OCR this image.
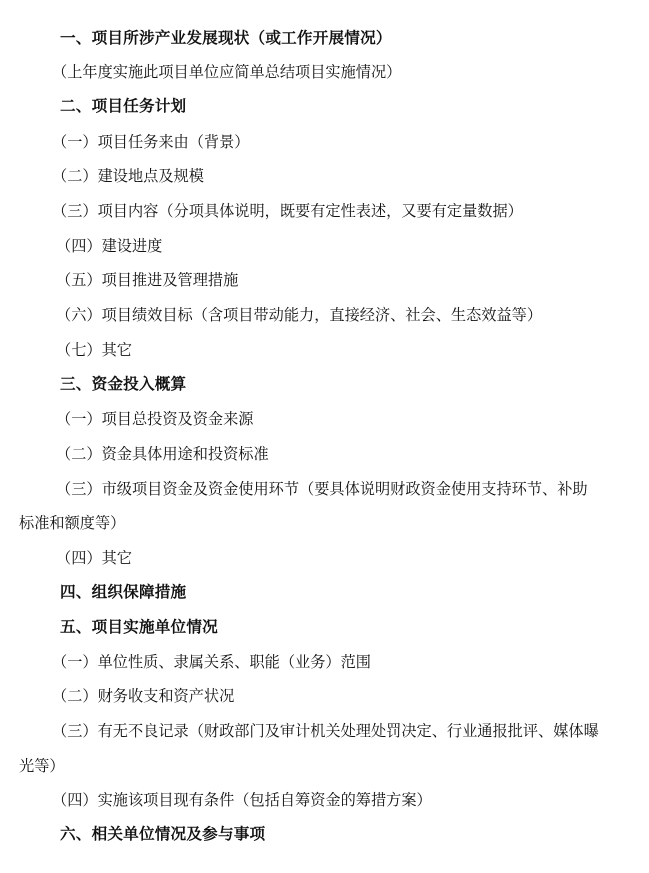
一、项目所涉产业发展现状（或工作开展情况）
（上年度实施此项目单位应简单总结项目实施情况）
二、项目任务计划
（一）项目任务来由（背景）
（二）建设地点及规模
（三）项目内容（分项具体说明，既要有定性表述，又要有定量数据）
（四）建设进度
（五）项目推进及管理措施
（六）项目绩效目标（含项目带动能力，直接经济、社会、生态效益等）
（七）其它
三、资金投入概算
（一）项目总投资及资金来源
（二）资金具体用途和投资标准
（三）市级项目资金及资金使用环节（要具体说明财政资金使用支持环节、补助
标准和额度等）
（四）其它
四、组织保障措施
五、项目实施单位情况
（一）单位性质、隶属关系、职能（业务）范围
（二）财务收支和资产状况
（三）有无不良记录（财政部门及审计机关处理处罚决定、行业通报批评、媒体曝
光等）
（四）实施该项目现有条件（包括自筹资金的筹措方案）
六、相关单位情况及参与事项
